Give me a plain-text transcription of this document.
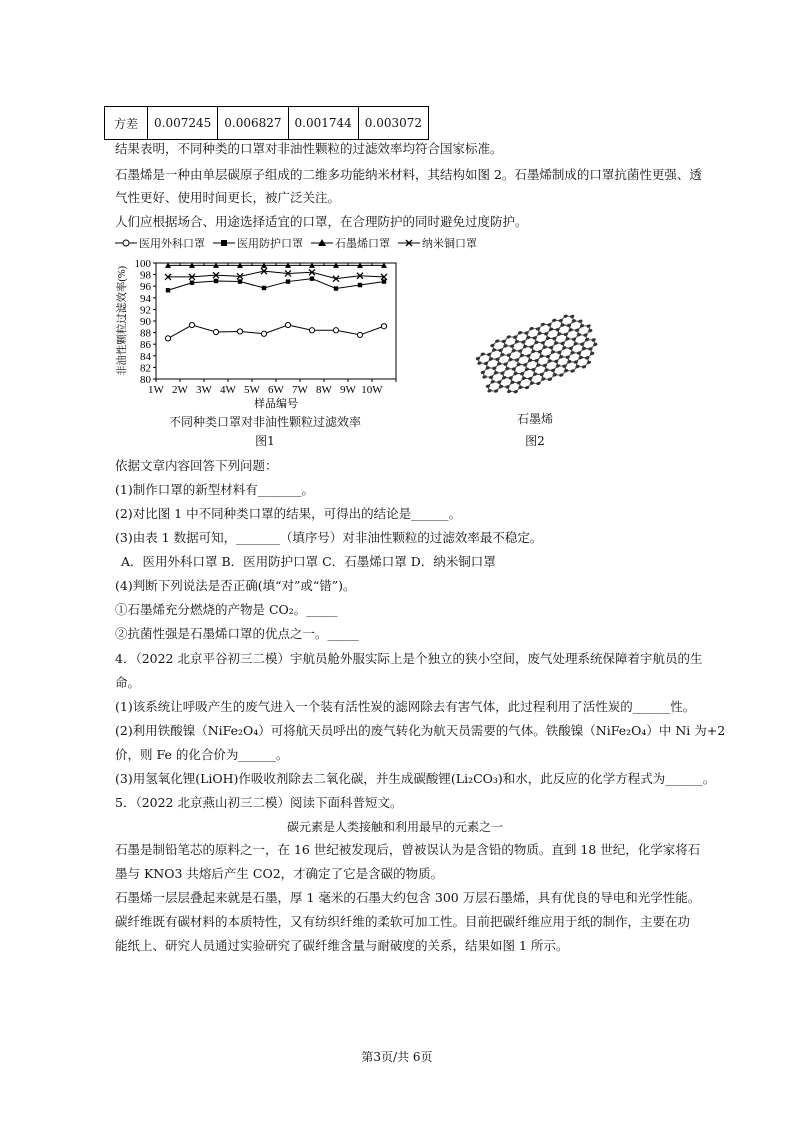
方差	0.007245	0.006827	0.001744	0.003072
结果表明，不同种类的口罩对非油性颗粒的过滤效率均符合国家标准。
石墨烯是一种由单层碳原子组成的二维多功能纳米材料，其结构如图 2。石墨烯制成的口罩抗菌性更强、透
气性更好、使用时间更长，被广泛关注。
人们应根据场合、用途选择适宜的口罩，在合理防护的同时避免过度防护。
医用外科口罩	医用防护口罩	石墨烯口罩	纳米铜口罩
80
82
84
86
88
90
92
94
96
98
100
1W 2W 3W 4W 5W 6W 7W 8W 9W 10W
样品编号
非油性颗粒过滤效率(%)
不同种类口罩对非油性颗粒过滤效率
图1
石墨烯
图2
依据文章内容回答下列问题：
(1)制作口罩的新型材料有_______。
(2)对比图 1 中不同种类口罩的结果，可得出的结论是______。
(3)由表 1 数据可知，_______（填序号）对非油性颗粒的过滤效率最不稳定。
A．医用外科口罩 B．医用防护口罩 C．石墨烯口罩 D．纳米铜口罩
(4)判断下列说法是否正确(填“对”或“错”)。
①石墨烯充分燃烧的产物是 CO₂。_____
②抗菌性强是石墨烯口罩的优点之一。_____
4．（2022 北京平谷初三二模）宇航员舱外服实际上是个独立的狭小空间，废气处理系统保障着宇航员的生
命。
(1)该系统让呼吸产生的废气进入一个装有活性炭的滤网除去有害气体，此过程利用了活性炭的______性。
(2)利用铁酸镍（NiFe₂O₄）可将航天员呼出的废气转化为航天员需要的气体。铁酸镍（NiFe₂O₄）中 Ni 为+2
价，则 Fe 的化合价为______。
(3)用氢氧化锂(LiOH)作吸收剂除去二氧化碳，并生成碳酸锂(Li₂CO₃)和水，此反应的化学方程式为______。
5．（2022 北京燕山初三二模）阅读下面科普短文。
碳元素是人类接触和利用最早的元素之一
石墨是制铅笔芯的原料之一，在 16 世纪被发现后，曾被误认为是含铅的物质。直到 18 世纪，化学家将石
墨与 KNO3 共熔后产生 CO2，才确定了它是含碳的物质。
石墨烯一层层叠起来就是石墨，厚 1 毫米的石墨大约包含 300 万层石墨烯，具有优良的导电和光学性能。
碳纤维既有碳材料的本质特性，又有纺织纤维的柔软可加工性。目前把碳纤维应用于纸的制作，主要在功
能纸上、研究人员通过实验研究了碳纤维含量与耐破度的关系，结果如图 1 所示。
第3页/共 6页
